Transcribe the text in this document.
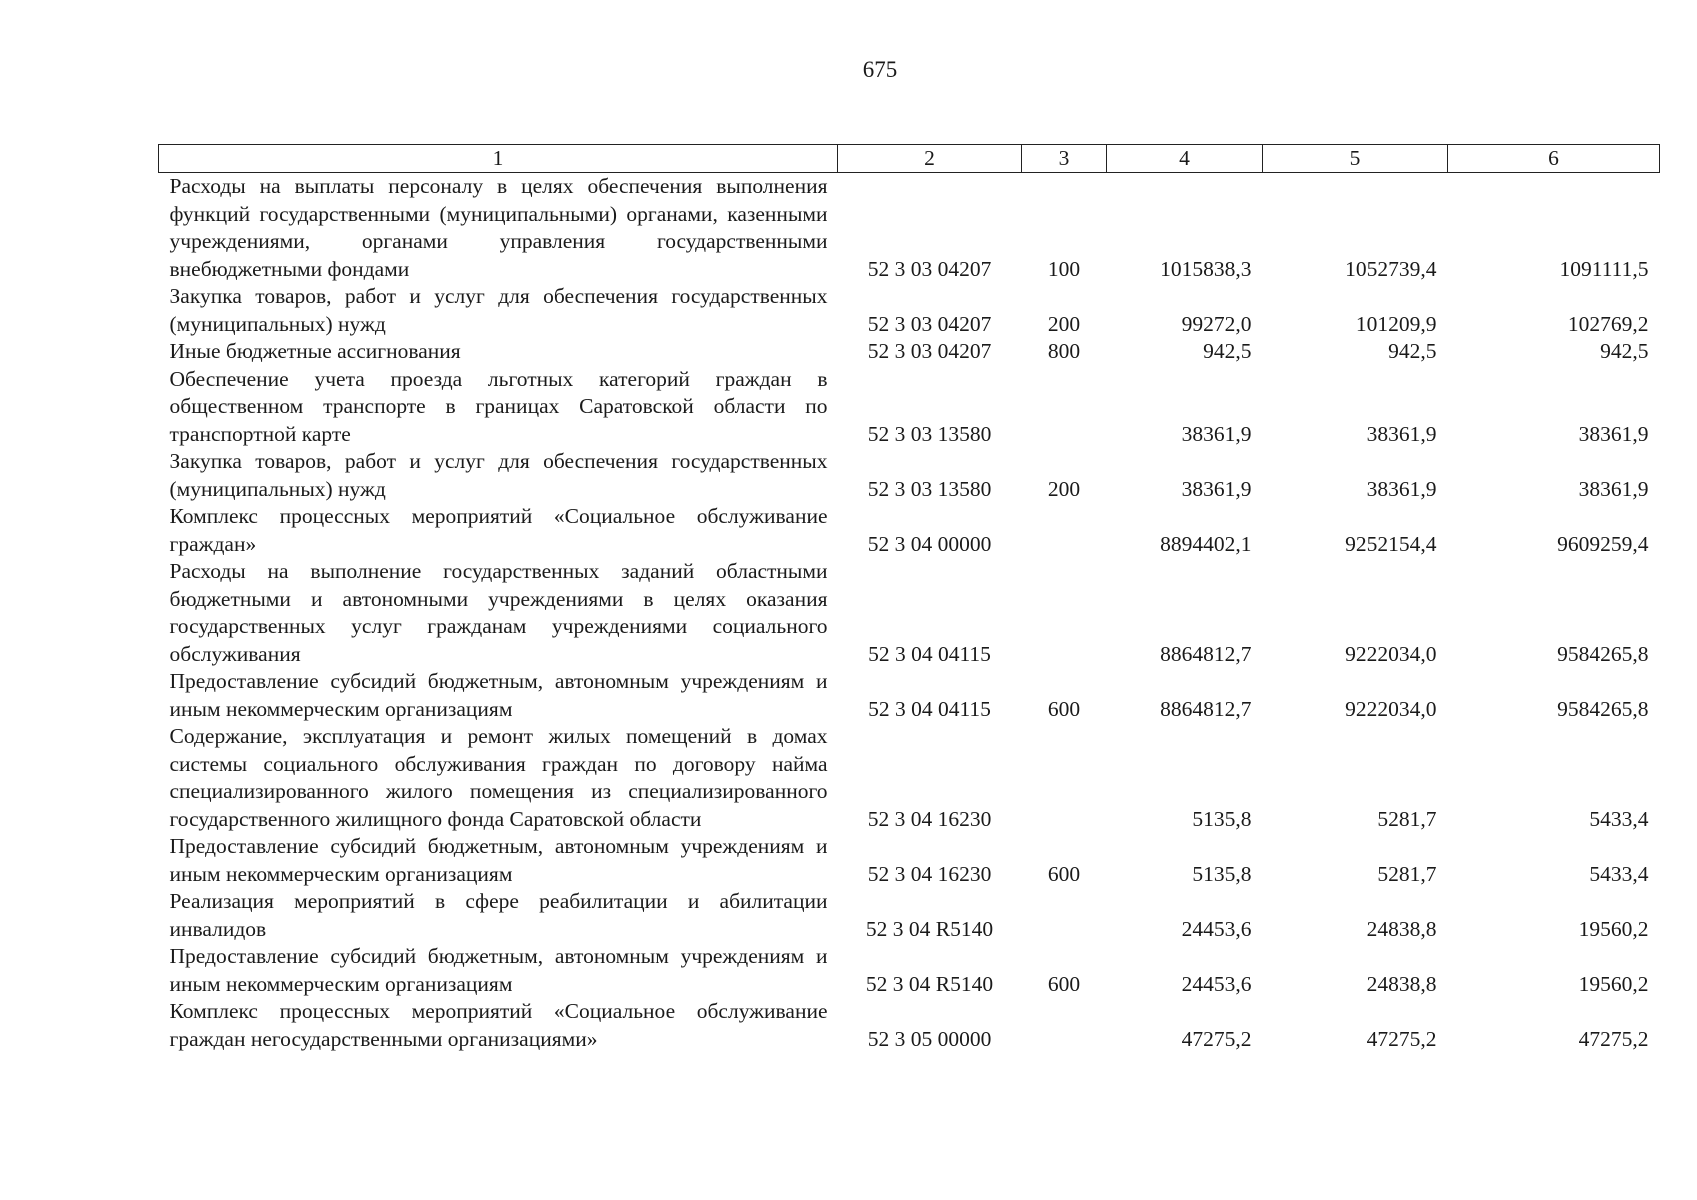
675
1	2	3	4	5	6
Расходы на выплаты персоналу в целях обеспечения выполнения функций государственными (муниципальными) органами, казенными учреждениями, органами управления государственными внебюджетными фондами	52 3 03 04207	100	1015838,3	1052739,4	1091111,5
Закупка товаров, работ и услуг для обеспечения государственных (муниципальных) нужд	52 3 03 04207	200	99272,0	101209,9	102769,2
Иные бюджетные ассигнования	52 3 03 04207	800	942,5	942,5	942,5
Обеспечение учета проезда льготных категорий граждан в общественном транспорте в границах Саратовской области по транспортной карте	52 3 03 13580		38361,9	38361,9	38361,9
Закупка товаров, работ и услуг для обеспечения государственных (муниципальных) нужд	52 3 03 13580	200	38361,9	38361,9	38361,9
Комплекс процессных мероприятий «Социальное обслуживание граждан»	52 3 04 00000		8894402,1	9252154,4	9609259,4
Расходы на выполнение государственных заданий областными бюджетными и автономными учреждениями в целях оказания государственных услуг гражданам учреждениями социального обслуживания	52 3 04 04115		8864812,7	9222034,0	9584265,8
Предоставление субсидий бюджетным, автономным учреждениям и иным некоммерческим организациям	52 3 04 04115	600	8864812,7	9222034,0	9584265,8
Содержание, эксплуатация и ремонт жилых помещений в домах системы социального обслуживания граждан по договору найма специализированного жилого помещения из специализированного государственного жилищного фонда Саратовской области	52 3 04 16230		5135,8	5281,7	5433,4
Предоставление субсидий бюджетным, автономным учреждениям и иным некоммерческим организациям	52 3 04 16230	600	5135,8	5281,7	5433,4
Реализация мероприятий в сфере реабилитации и абилитации инвалидов	52 3 04 R5140		24453,6	24838,8	19560,2
Предоставление субсидий бюджетным, автономным учреждениям и иным некоммерческим организациям	52 3 04 R5140	600	24453,6	24838,8	19560,2
Комплекс процессных мероприятий «Социальное обслуживание граждан негосударственными организациями»	52 3 05 00000		47275,2	47275,2	47275,2
